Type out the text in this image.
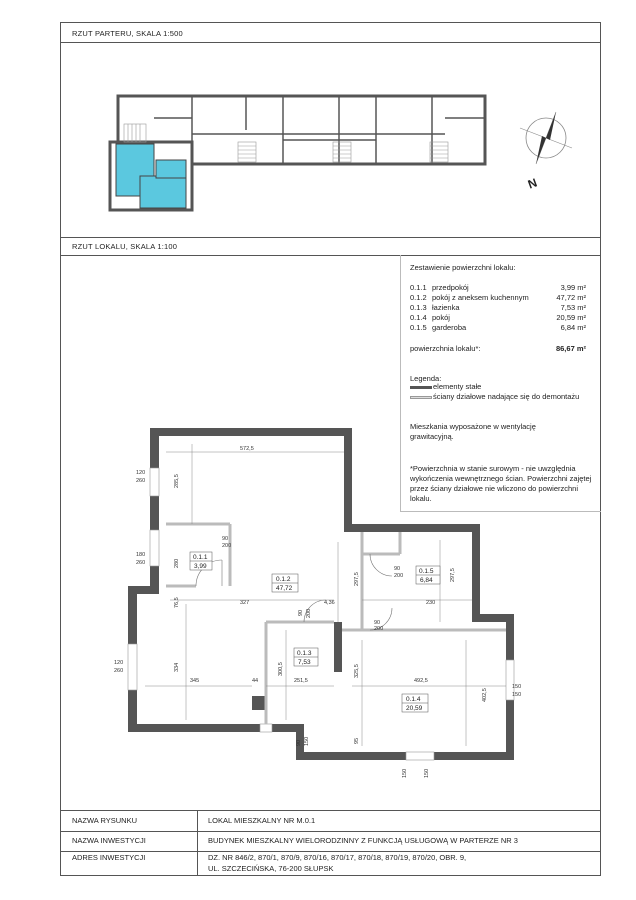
RZUT PARTERU, SKALA 1:500
RZUT LOKALU, SKALA 1:100
N
0.1.1
3,99
0.1.2
47,72
0.1.3
7,53
0.1.4
20,59
0.1.5
6,84
572,5
285,5
327	4,36	230
297,5	297,5
345	44	251,5	492,5
402,5
325,5
334	300,5
95
76,5
280
120
260
180
260
120
260
150
150
150	150
90 150
90
200
90 200
90
200
90
200
Zestawienie powierzchni lokalu:
0.1.1 przedpokój	3,99 m²
0.1.2 pokój z aneksem kuchennym	47,72 m²
0.1.3 łazienka	7,53 m²
0.1.4 pokój	20,59 m²
0.1.5 garderoba	6,84 m²
powierzchnia lokalu*:	86,67 m²
Legenda:
elementy stałe
ściany działowe nadające się do demontażu
Mieszkania wyposażone w wentylację grawitacyjną.
*Powierzchnia w stanie surowym - nie uwzględnia wykończenia wewnętrznego ścian. Powierzchni zajętej przez ściany działowe nie wliczono do powierzchni lokalu.
NAZWA RYSUNKU	LOKAL MIESZKALNY NR M.0.1
NAZWA INWESTYCJI	BUDYNEK MIESZKALNY WIELORODZINNY Z FUNKCJĄ USŁUGOWĄ W PARTERZE NR 3
ADRES INWESTYCJI	DZ. NR 846/2, 870/1, 870/9, 870/16, 870/17, 870/18, 870/19, 870/20, OBR. 9,
UL. SZCZECIŃSKA, 76-200 SŁUPSK
